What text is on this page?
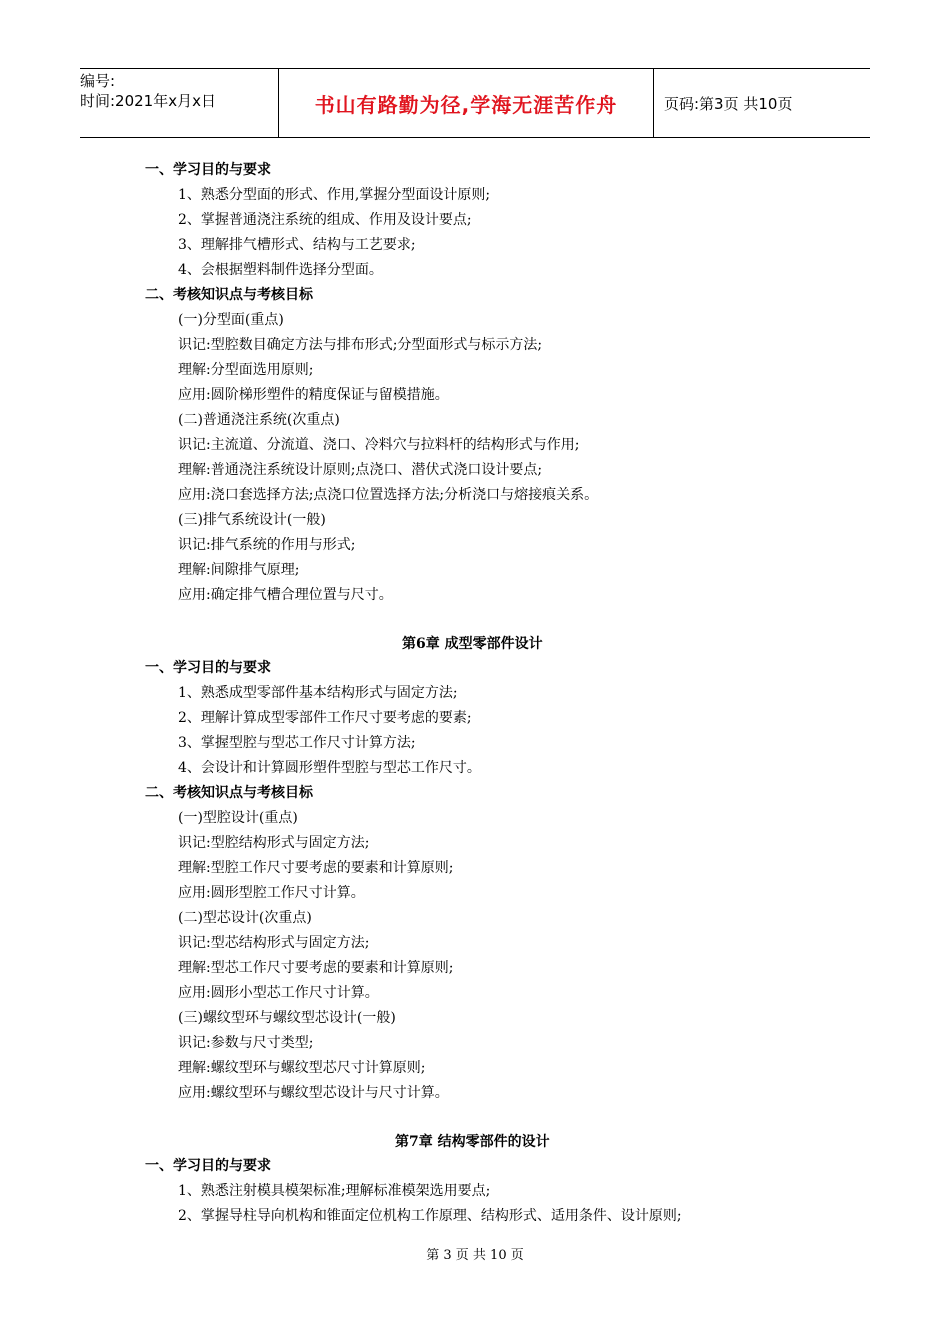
编号:
时间:2021年x月x日	书山有路勤为径,学海无涯苦作舟	页码:第3页 共10页
一、学习目的与要求
1、熟悉分型面的形式、作用,掌握分型面设计原则;
2、掌握普通浇注系统的组成、作用及设计要点;
3、理解排气槽形式、结构与工艺要求;
4、会根据塑料制件选择分型面。
二、考核知识点与考核目标
(一)分型面(重点)
识记:型腔数目确定方法与排布形式;分型面形式与标示方法;
理解:分型面选用原则;
应用:圆阶梯形塑件的精度保证与留模措施。
(二)普通浇注系统(次重点)
识记:主流道、分流道、浇口、冷料穴与拉料杆的结构形式与作用;
理解:普通浇注系统设计原则;点浇口、潜伏式浇口设计要点;
应用:浇口套选择方法;点浇口位置选择方法;分析浇口与熔接痕关系。
(三)排气系统设计(一般)
识记:排气系统的作用与形式;
理解:间隙排气原理;
应用:确定排气槽合理位置与尺寸。
第6章 成型零部件设计
一、学习目的与要求
1、熟悉成型零部件基本结构形式与固定方法;
2、理解计算成型零部件工作尺寸要考虑的要素;
3、掌握型腔与型芯工作尺寸计算方法;
4、会设计和计算圆形塑件型腔与型芯工作尺寸。
二、考核知识点与考核目标
(一)型腔设计(重点)
识记:型腔结构形式与固定方法;
理解:型腔工作尺寸要考虑的要素和计算原则;
应用:圆形型腔工作尺寸计算。
(二)型芯设计(次重点)
识记:型芯结构形式与固定方法;
理解:型芯工作尺寸要考虑的要素和计算原则;
应用:圆形小型芯工作尺寸计算。
(三)螺纹型环与螺纹型芯设计(一般)
识记:参数与尺寸类型;
理解:螺纹型环与螺纹型芯尺寸计算原则;
应用:螺纹型环与螺纹型芯设计与尺寸计算。
第7章 结构零部件的设计
一、学习目的与要求
1、熟悉注射模具模架标准;理解标准模架选用要点;
2、掌握导柱导向机构和锥面定位机构工作原理、结构形式、适用条件、设计原则;
第 3 页 共 10 页
